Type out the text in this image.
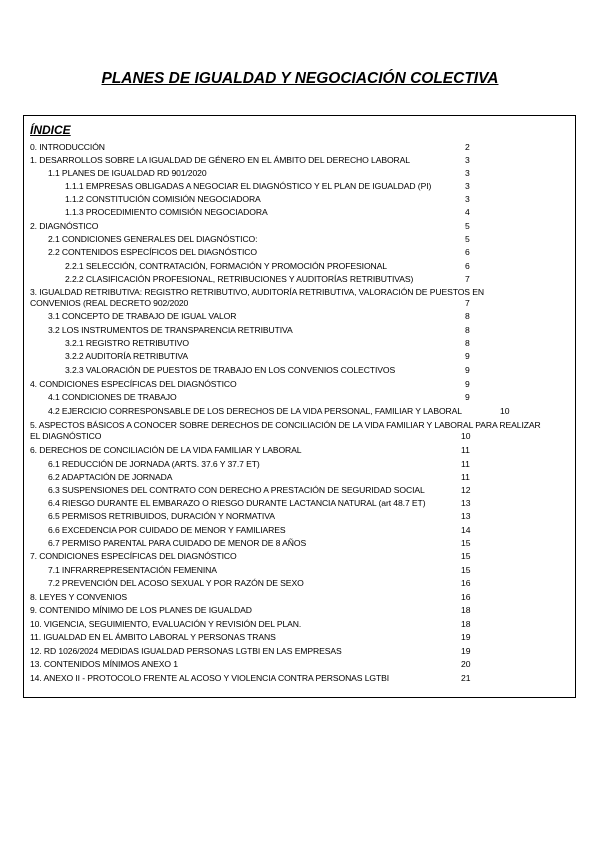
PLANES DE IGUALDAD Y NEGOCIACIÓN COLECTIVA
ÍNDICE
0. INTRODUCCIÓN	2
1. DESARROLLOS SOBRE LA IGUALDAD DE GÉNERO EN EL ÁMBITO DEL DERECHO LABORAL	3
1.1 PLANES DE IGUALDAD RD 901/2020	3
1.1.1 EMPRESAS OBLIGADAS A NEGOCIAR EL DIAGNÓSTICO Y EL PLAN DE IGUALDAD (PI)	3
1.1.2 CONSTITUCIÓN COMISIÓN NEGOCIADORA	3
1.1.3 PROCEDIMIENTO COMISIÓN NEGOCIADORA	4
2. DIAGNÓSTICO	5
2.1 CONDICIONES GENERALES DEL DIAGNÓSTICO:	5
2.2 CONTENIDOS ESPECÍFICOS DEL DIAGNÓSTICO	6
2.2.1 SELECCIÓN, CONTRATACIÓN, FORMACIÓN Y PROMOCIÓN PROFESIONAL	6
2.2.2 CLASIFICACIÓN PROFESIONAL, RETRIBUCIONES Y AUDITORÍAS RETRIBUTIVAS)	7
3. IGUALDAD RETRIBUTIVA: REGISTRO RETRIBUTIVO, AUDITORÍA RETRIBUTIVA, VALORACIÓN DE PUESTOS EN CONVENIOS (REAL DECRETO 902/2020	7
3.1 CONCEPTO DE TRABAJO DE IGUAL VALOR	8
3.2 LOS INSTRUMENTOS DE TRANSPARENCIA RETRIBUTIVA	8
3.2.1 REGISTRO RETRIBUTIVO	8
3.2.2 AUDITORÍA RETRIBUTIVA	9
3.2.3 VALORACIÓN DE PUESTOS DE TRABAJO EN LOS CONVENIOS COLECTIVOS	9
4. CONDICIONES ESPECÍFICAS DEL DIAGNÓSTICO	9
4.1 CONDICIONES DE TRABAJO	9
4.2 EJERCICIO CORRESPONSABLE DE LOS DERECHOS DE LA VIDA PERSONAL, FAMILIAR Y LABORAL	10
5. ASPECTOS BÁSICOS A CONOCER SOBRE DERECHOS DE CONCILIACIÓN DE LA VIDA FAMILIAR Y LABORAL PARA REALIZAR EL DIAGNÓSTICO	10
6. DERECHOS DE CONCILIACIÓN DE LA VIDA FAMILIAR Y LABORAL	11
6.1 REDUCCIÓN DE JORNADA (ARTS. 37.6 Y 37.7 ET)	11
6.2 ADAPTACIÓN DE JORNADA	11
6.3 SUSPENSIONES DEL CONTRATO CON DERECHO A PRESTACIÓN DE SEGURIDAD SOCIAL	12
6.4 RIESGO DURANTE EL EMBARAZO O RIESGO DURANTE LACTANCIA NATURAL (art 48.7 ET)	13
6.5 PERMISOS RETRIBUIDOS, DURACIÓN Y NORMATIVA	13
6.6 EXCEDENCIA POR CUIDADO DE MENOR Y FAMILIARES	14
6.7 PERMISO PARENTAL PARA CUIDADO DE MENOR DE 8 AÑOS	15
7. CONDICIONES ESPECÍFICAS DEL DIAGNÓSTICO	15
7.1 INFRARREPRESENTACIÓN FEMENINA	15
7.2 PREVENCIÓN DEL ACOSO SEXUAL Y POR RAZÓN DE SEXO	16
8. LEYES Y CONVENIOS	16
9. CONTENIDO MÍNIMO DE LOS PLANES DE IGUALDAD	18
10. VIGENCIA, SEGUIMIENTO, EVALUACIÓN Y REVISIÓN DEL PLAN.	18
11. IGUALDAD EN EL ÁMBITO LABORAL Y PERSONAS TRANS	19
12. RD 1026/2024 MEDIDAS IGUALDAD PERSONAS LGTBI EN LAS EMPRESAS	19
13. CONTENIDOS MÍNIMOS ANEXO 1	20
14. ANEXO II - PROTOCOLO FRENTE AL ACOSO Y VIOLENCIA CONTRA PERSONAS LGTBI	21
